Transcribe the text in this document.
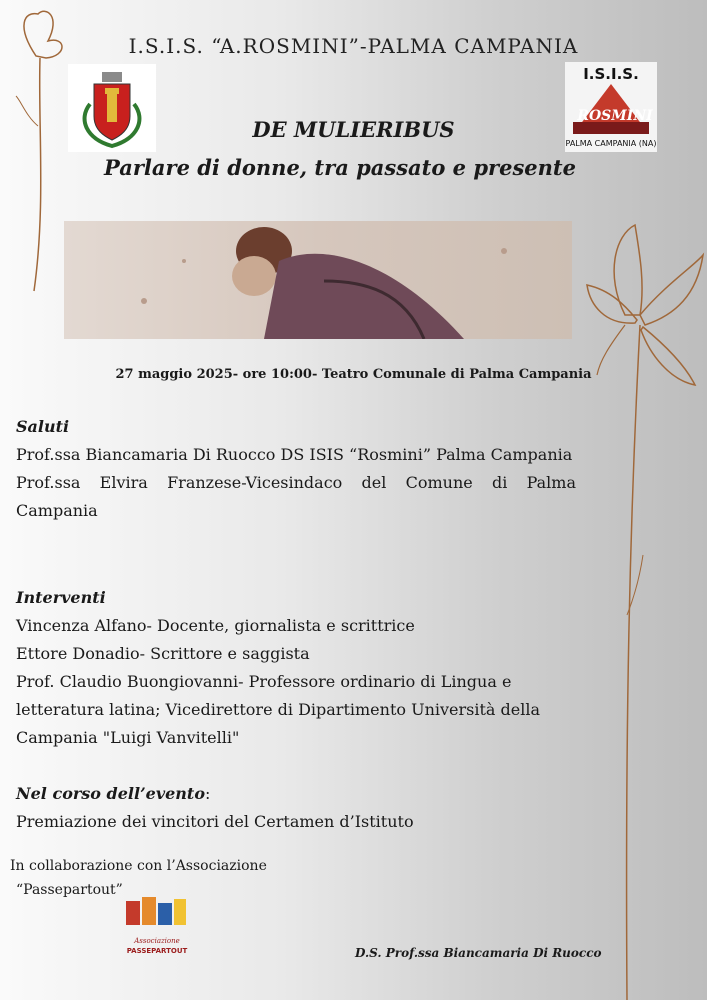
I.S.I.S. “A.ROSMINI”-PALMA CAMPANIA
I.S.I.S.
ROSMINI
PALMA CAMPANIA (NA)
DE MULIERIBUS
Parlare di donne, tra passato e presente
27 maggio 2025- ore 10:00- Teatro Comunale di Palma Campania
Saluti
Prof.ssa Biancamaria Di Ruocco DS ISIS “Rosmini” Palma Campania
Prof.ssa Elvira Franzese-Vicesindaco del Comune di Palma Campania
Interventi
Vincenza Alfano- Docente, giornalista e scrittrice
Ettore Donadio- Scrittore e saggista
Prof. Claudio Buongiovanni- Professore ordinario di Lingua e letteratura latina; Vicedirettore di Dipartimento Università della Campania "Luigi Vanvitelli"
Nel corso dell’evento:
Premiazione dei vincitori del Certamen d’Istituto
In collaborazione con l’Associazione
“Passepartout”
Associazione
PASSEPARTOUT	D.S. Prof.ssa Biancamaria Di Ruocco
